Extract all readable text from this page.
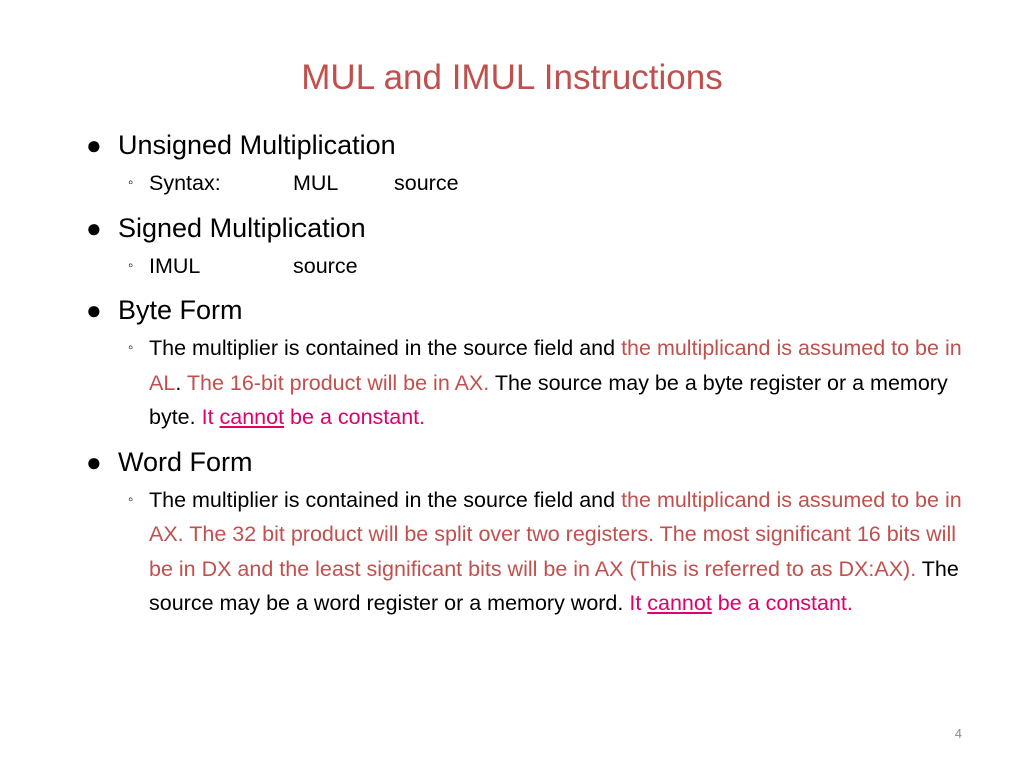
MUL and IMUL Instructions
● Unsigned Multiplication
◦ Syntax:	MUL	source
● Signed Multiplication
◦ IMUL	source
● Byte Form
◦ The multiplier is contained in the source field and the multiplicand is assumed to be in AL. The 16-bit product will be in AX. The source may be a byte register or a memory byte. It cannot be a constant.
● Word Form
◦ The multiplier is contained in the source field and the multiplicand is assumed to be in AX. The 32 bit product will be split over two registers. The most significant 16 bits will be in DX and the least significant bits will be in AX (This is referred to as DX:AX). The source may be a word register or a memory word. It cannot be a constant.
4
